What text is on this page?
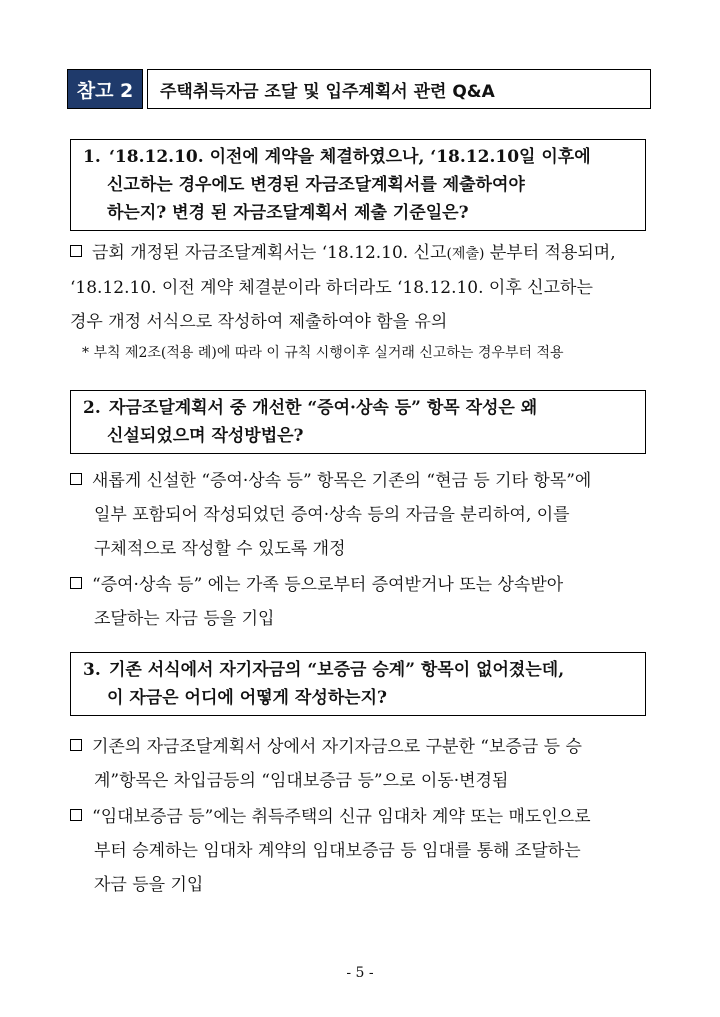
참고 2	주택취득자금 조달 및 입주계획서 관련 Q&A
1. ‘18.12.10. 이전에 계약을 체결하였으나, ‘18.12.10일 이후에
신고하는 경우에도 변경된 자금조달계획서를 제출하여야
하는지? 변경 된 자금조달계획서 제출 기준일은?
금회 개정된 자금조달계획서는 ‘18.12.10. 신고(제출) 분부터 적용되며,
‘18.12.10. 이전 계약 체결분이라 하더라도 ‘18.12.10. 이후 신고하는
경우 개정 서식으로 작성하여 제출하여야 함을 유의
* 부칙 제2조(적용 례)에 따라 이 규칙 시행이후 실거래 신고하는 경우부터 적용
2. 자금조달계획서 중 개선한 “증여·상속 등” 항목 작성은 왜
신설되었으며 작성방법은?
새롭게 신설한 “증여·상속 등” 항목은 기존의 “현금 등 기타 항목”에
일부 포함되어 작성되었던 증여·상속 등의 자금을 분리하여, 이를
구체적으로 작성할 수 있도록 개정
“증여·상속 등” 에는 가족 등으로부터 증여받거나 또는 상속받아
조달하는 자금 등을 기입
3. 기존 서식에서 자기자금의 “보증금 승계” 항목이 없어졌는데,
이 자금은 어디에 어떻게 작성하는지?
기존의 자금조달계획서 상에서 자기자금으로 구분한 “보증금 등 승
계”항목은 차입금등의 “임대보증금 등”으로 이동·변경됨
“임대보증금 등”에는 취득주택의 신규 임대차 계약 또는 매도인으로
부터 승계하는 임대차 계약의 임대보증금 등 임대를 통해 조달하는
자금 등을 기입
- 5 -
